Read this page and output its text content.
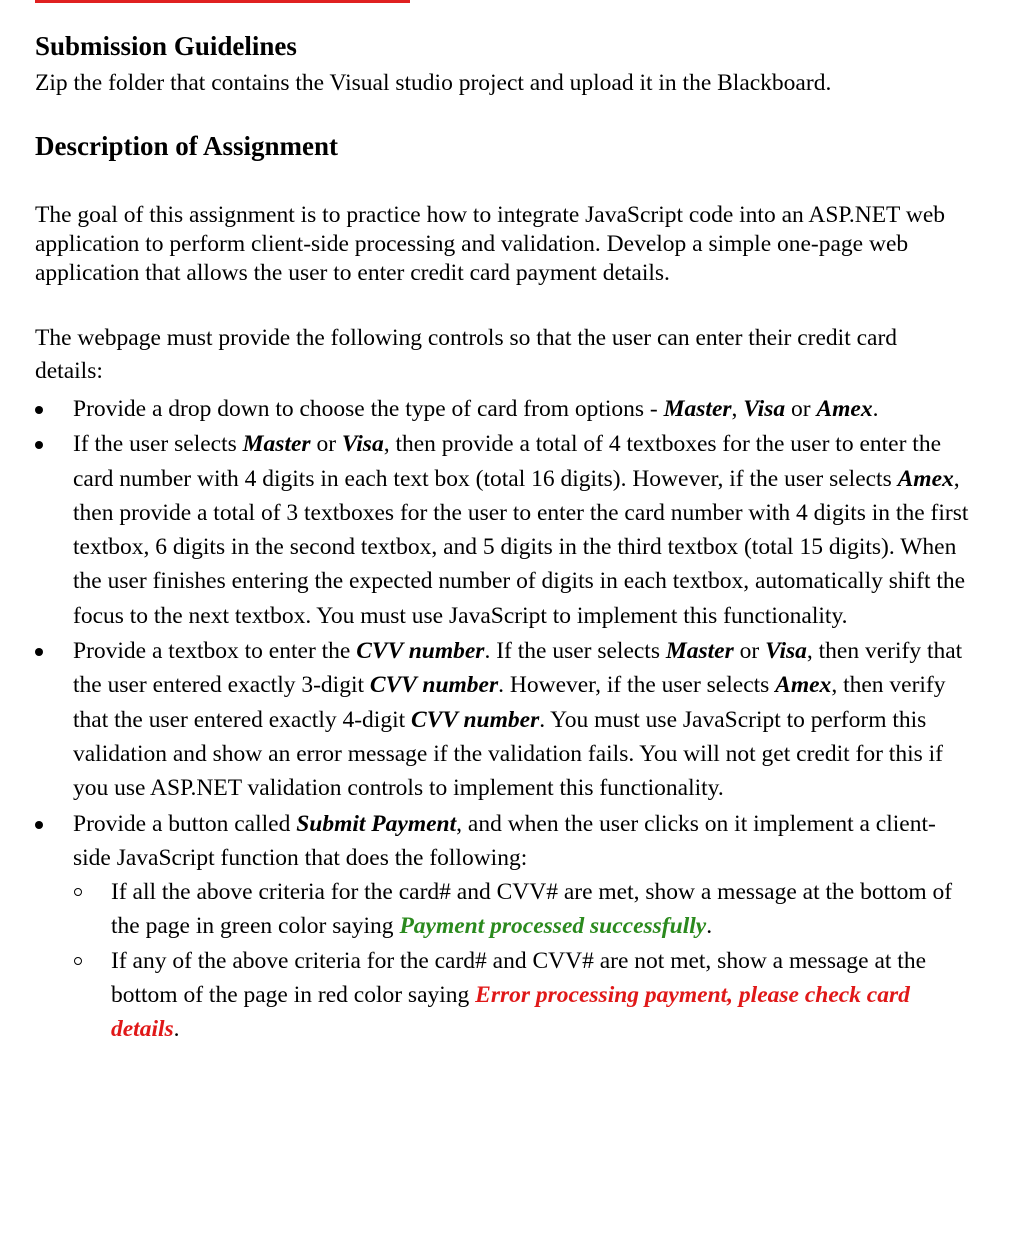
Submission Guidelines

Zip the folder that contains the Visual studio project and upload it in the Blackboard.

Description of Assignment

The goal of this assignment is to practice how to integrate JavaScript code into an ASP.NET web application to perform client-side processing and validation. Develop a simple one-page web application that allows the user to enter credit card payment details.

The webpage must provide the following controls so that the user can enter their credit card details:

Provide a drop down to choose the type of card from options - Master, Visa or Amex.
If the user selects Master or Visa, then provide a total of 4 textboxes for the user to enter the card number with 4 digits in each text box (total 16 digits). However, if the user selects Amex, then provide a total of 3 textboxes for the user to enter the card number with 4 digits in the first textbox, 6 digits in the second textbox, and 5 digits in the third textbox (total 15 digits). When the user finishes entering the expected number of digits in each textbox, automatically shift the focus to the next textbox. You must use JavaScript to implement this functionality.
Provide a textbox to enter the CVV number. If the user selects Master or Visa, then verify that the user entered exactly 3-digit CVV number. However, if the user selects Amex, then verify that the user entered exactly 4-digit CVV number. You must use JavaScript to perform this validation and show an error message if the validation fails. You will not get credit for this if you use ASP.NET validation controls to implement this functionality.
Provide a button called Submit Payment, and when the user clicks on it implement a client-side JavaScript function that does the following:
If all the above criteria for the card# and CVV# are met, show a message at the bottom of the page in green color saying Payment processed successfully.
If any of the above criteria for the card# and CVV# are not met, show a message at the bottom of the page in red color saying Error processing payment, please check card details.
